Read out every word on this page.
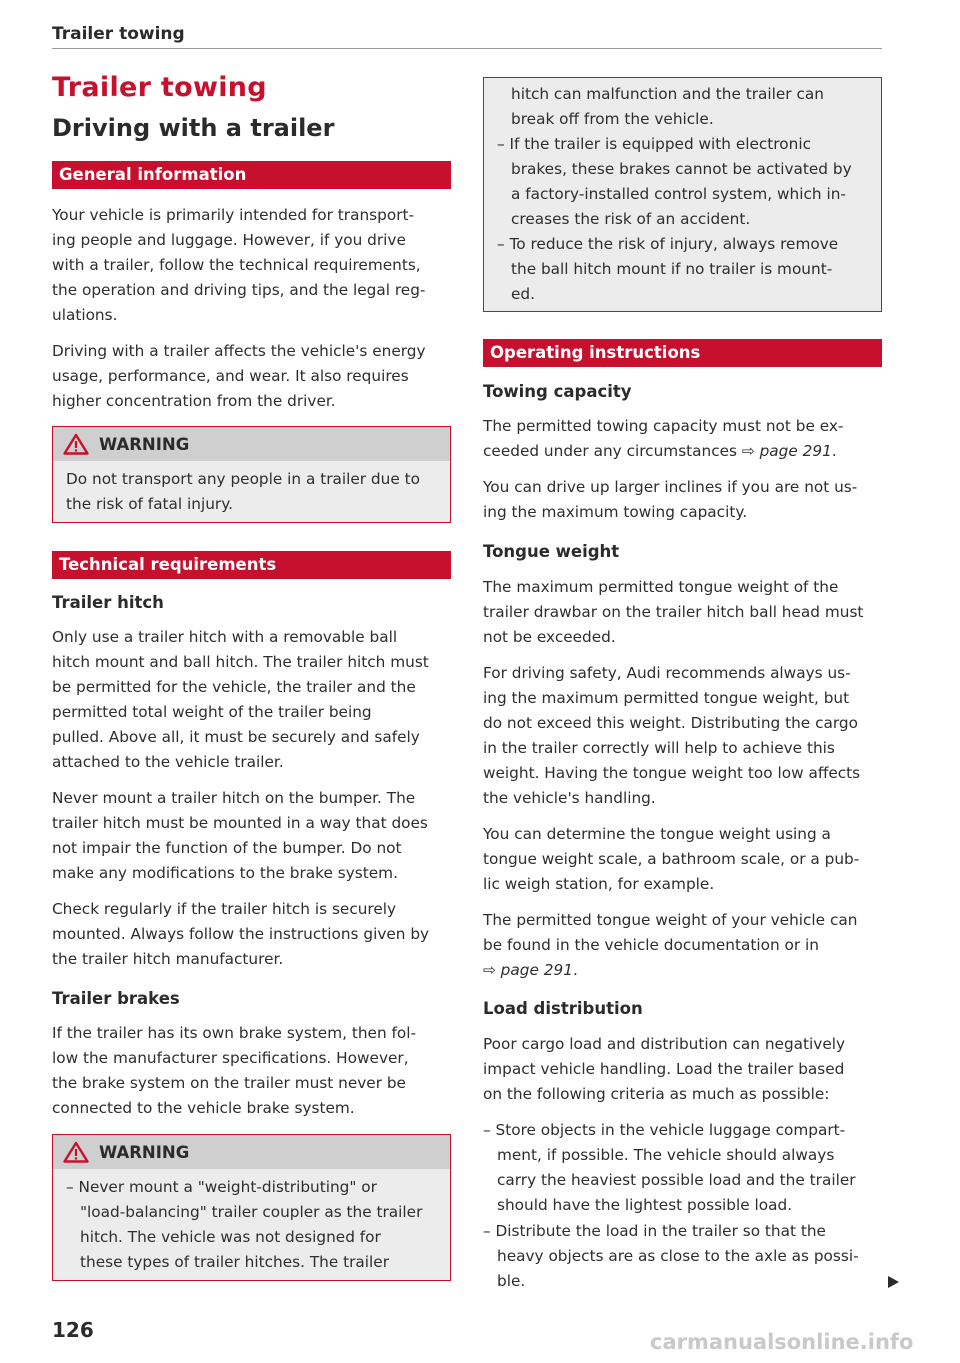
Trailer towing
Trailer towing
Driving with a trailer
General information

Your vehicle is primarily intended for transport-
ing people and luggage. However, if you drive
with a trailer, follow the technical requirements,
the operation and driving tips, and the legal reg-
ulations.

Driving with a trailer affects the vehicle's energy
usage, performance, and wear. It also requires
higher concentration from the driver.

WARNING
Do not transport any people in a trailer due to
the risk of fatal injury.
Technical requirements
Trailer hitch

Only use a trailer hitch with a removable ball
hitch mount and ball hitch. The trailer hitch must
be permitted for the vehicle, the trailer and the
permitted total weight of the trailer being
pulled. Above all, it must be securely and safely
attached to the vehicle trailer.

Never mount a trailer hitch on the bumper. The
trailer hitch must be mounted in a way that does
not impair the function of the bumper. Do not
make any modifications to the brake system.

Check regularly if the trailer hitch is securely
mounted. Always follow the instructions given by
the trailer hitch manufacturer.

Trailer brakes

If the trailer has its own brake system, then fol-
low the manufacturer specifications. However,
the brake system on the trailer must never be
connected to the vehicle brake system.

WARNING
– Never mount a "weight-distributing" or
"load-balancing" trailer coupler as the trailer
hitch. The vehicle was not designed for
these types of trailer hitches. The trailer
hitch can malfunction and the trailer can
break off from the vehicle.
– If the trailer is equipped with electronic
brakes, these brakes cannot be activated by
a factory-installed control system, which in-
creases the risk of an accident.
– To reduce the risk of injury, always remove
the ball hitch mount if no trailer is mount-
ed.
Operating instructions
Towing capacity

The permitted towing capacity must not be ex-
ceeded under any circumstances ⇨ page 291.

You can drive up larger inclines if you are not us-
ing the maximum towing capacity.

Tongue weight

The maximum permitted tongue weight of the
trailer drawbar on the trailer hitch ball head must
not be exceeded.

For driving safety, Audi recommends always us-
ing the maximum permitted tongue weight, but
do not exceed this weight. Distributing the cargo
in the trailer correctly will help to achieve this
weight. Having the tongue weight too low affects
the vehicle's handling.

You can determine the tongue weight using a
tongue weight scale, a bathroom scale, or a pub-
lic weigh station, for example.

The permitted tongue weight of your vehicle can
be found in the vehicle documentation or in
⇨ page 291.

Load distribution

Poor cargo load and distribution can negatively
impact vehicle handling. Load the trailer based
on the following criteria as much as possible:

– Store objects in the vehicle luggage compart-
ment, if possible. The vehicle should always
carry the heaviest possible load and the trailer
should have the lightest possible load.

– Distribute the load in the trailer so that the
heavy objects are as close to the axle as possi-
ble.

126	carmanualsonline.info
